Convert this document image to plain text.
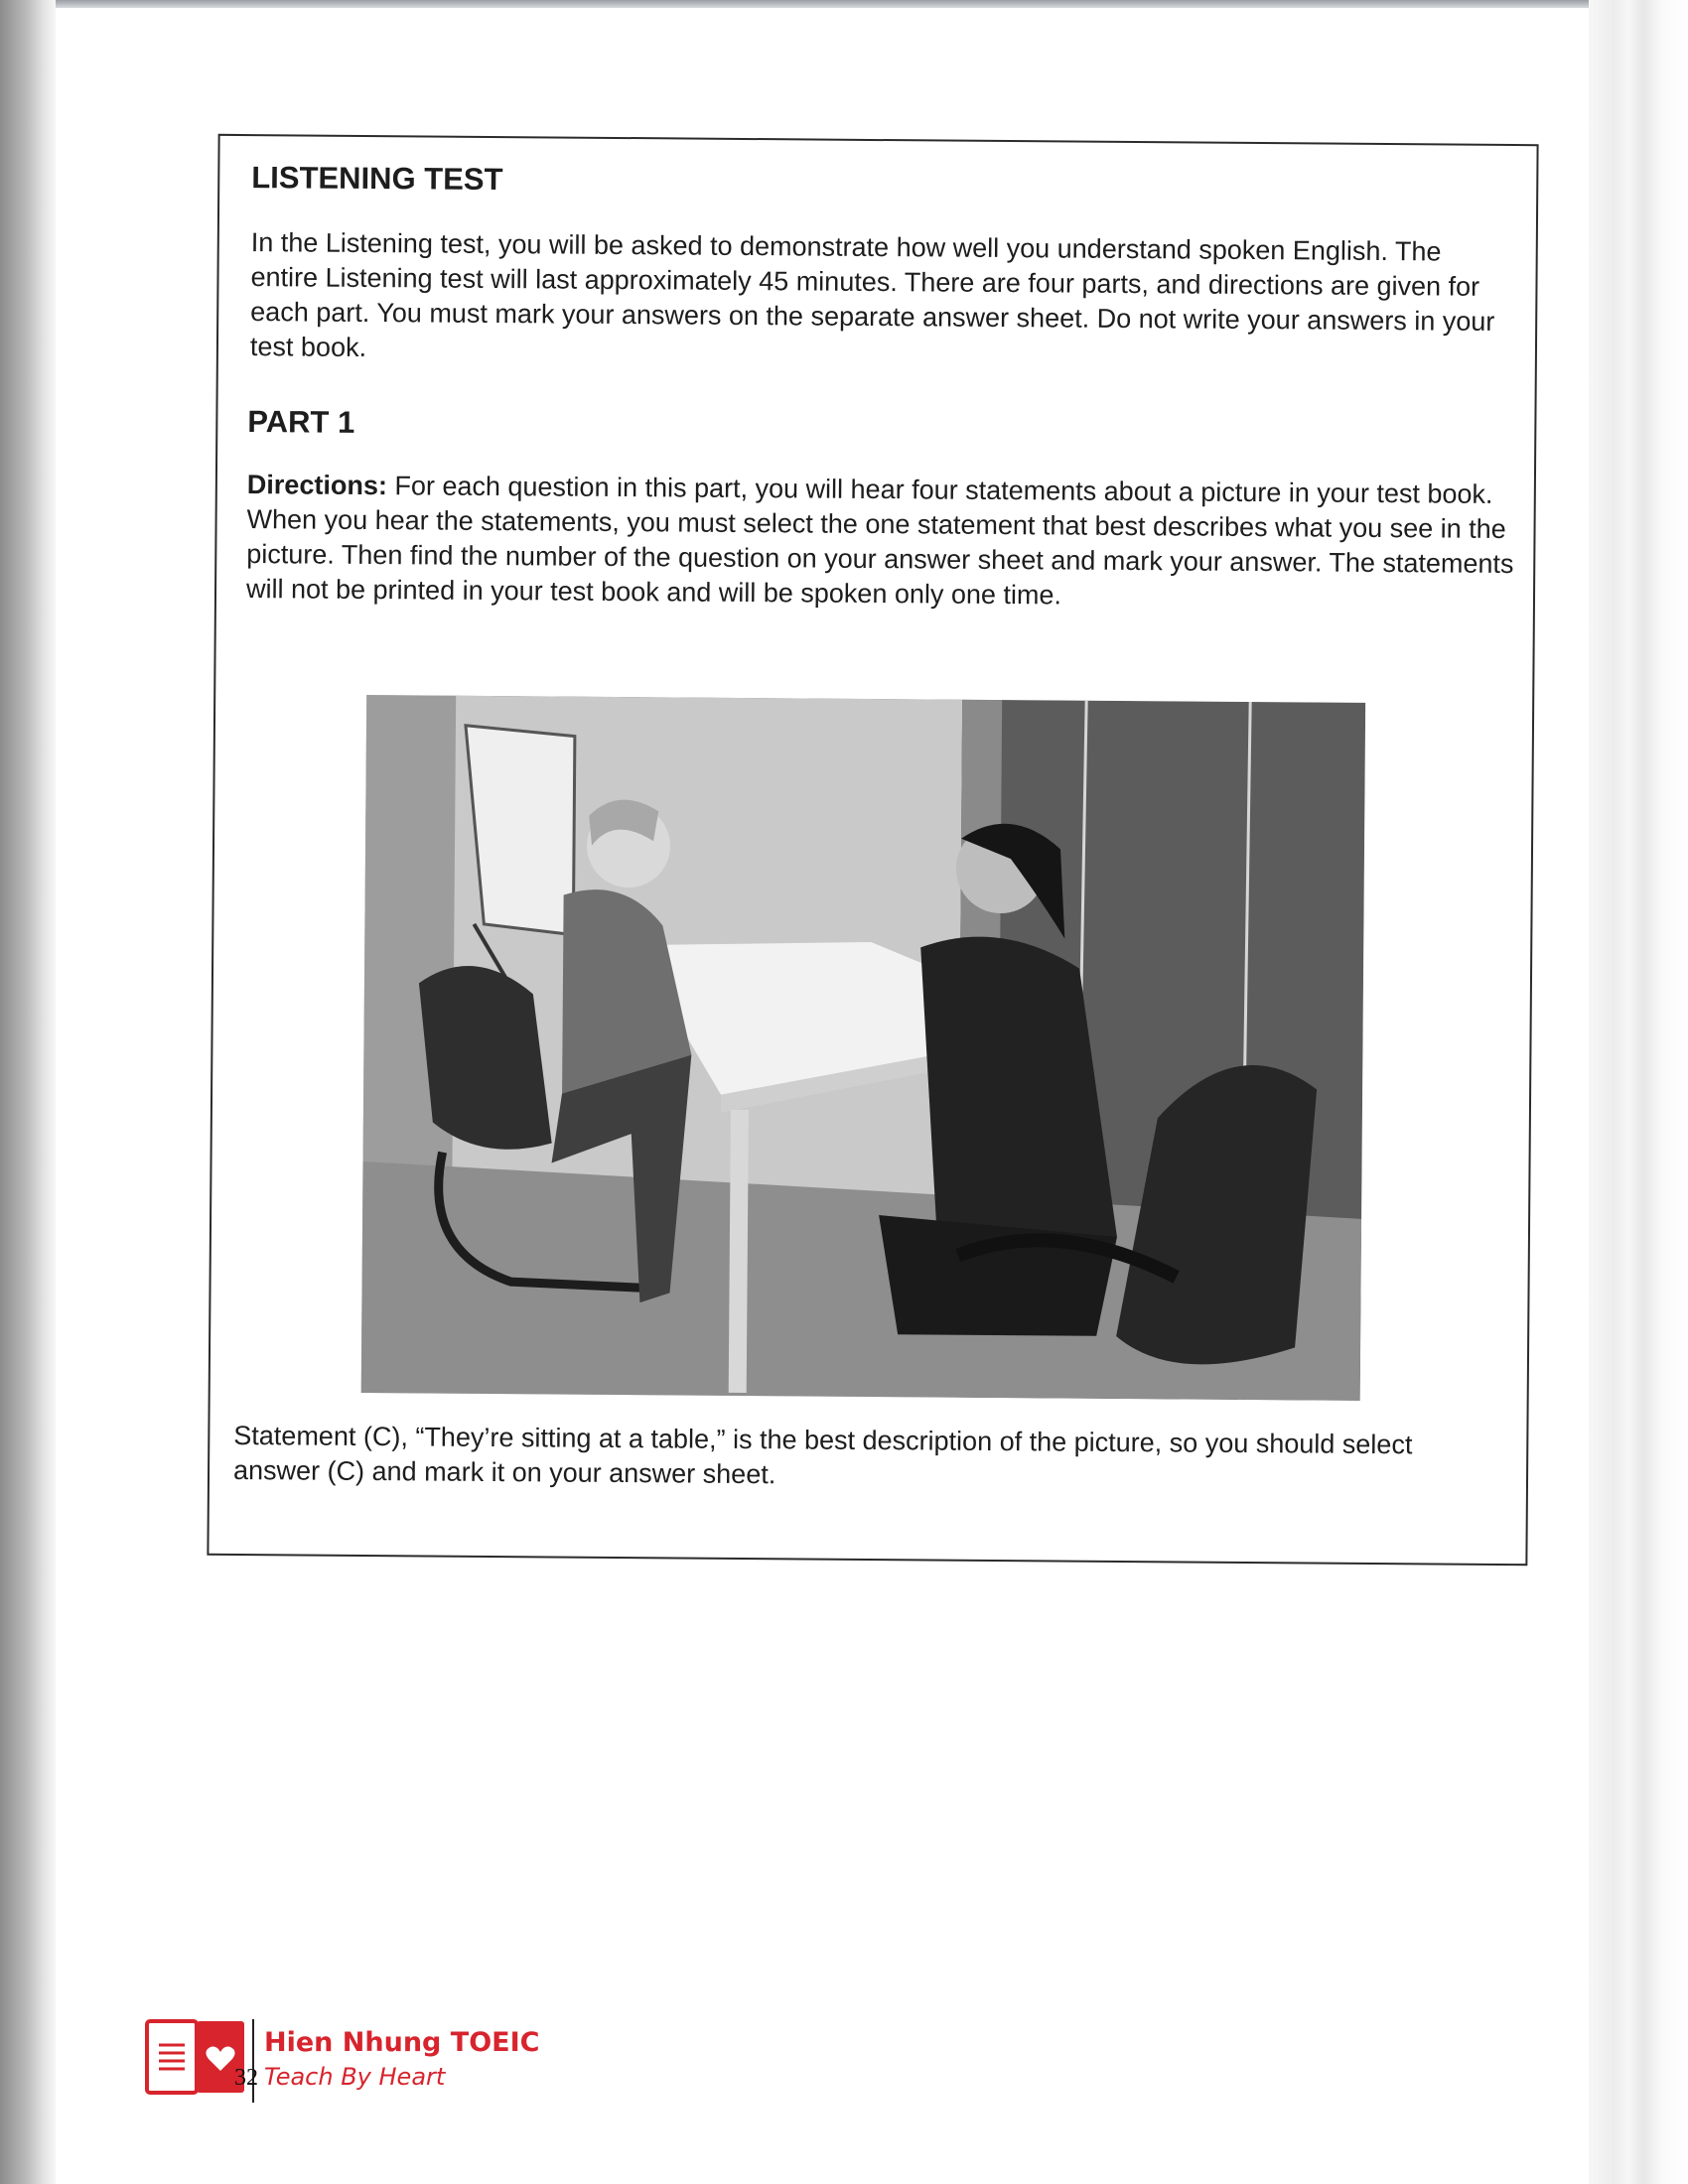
LISTENING TEST

In the Listening test, you will be asked to demonstrate how well you understand spoken English. The entire Listening test will last approximately 45 minutes. There are four parts, and directions are given for each part. You must mark your answers on the separate answer sheet. Do not write your answers in your test book.

PART 1

Directions: For each question in this part, you will hear four statements about a picture in your test book. When you hear the statements, you must select the one statement that best describes what you see in the picture. Then find the number of the question on your answer sheet and mark your answer. The statements will not be printed in your test book and will be spoken only one time.

Statement (C), “They’re sitting at a table,” is the best description of the picture, so you should select answer (C) and mark it on your answer sheet.

Hien Nhung TOEIC
Teach By Heart
32
